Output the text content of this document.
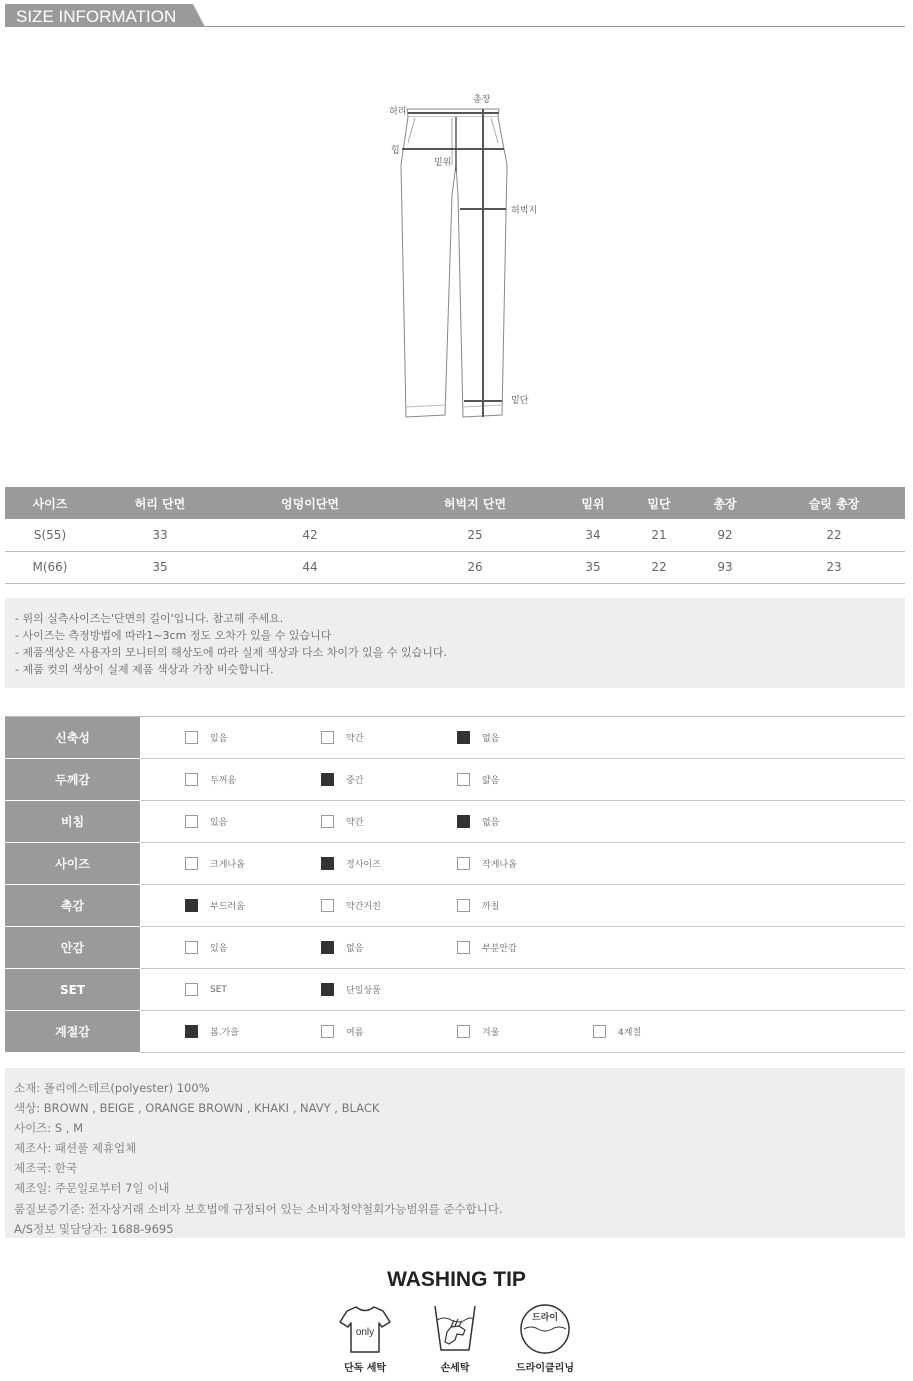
SIZE INFORMATION
허리
총장
힙
밑위
허벅지
밑단
사이즈	허리 단면	엉덩이단면	허벅지 단면	밑위	밑단	총장	슬릿 총장
S(55)	33	42	25	34	21	92	22
M(66)	35	44	26	35	22	93	23
- 위의 실측사이즈는'단면의 길이'입니다. 참고해 주세요.
- 사이즈는 측정방법에 따라1~3cm 정도 오차가 있을 수 있습니다
- 제품색상은 사용자의 모니터의 해상도에 따라 실제 색상과 다소 차이가 있을 수 있습니다.
- 제품 컷의 색상이 실제 제품 색상과 가장 비슷합니다.
신축성	있음 약간 없음

두께감	두꺼움 중간 얇음

비침	있음 약간 없음

사이즈	크게나옴 정사이즈 작게나옴

촉감	부드러움 약간거친 까칠

안감	있음 없음 부분안감

SET	SET 단일상품

계절감	봄.가을 여름 겨울 4계절
소재: 폴리에스테르(polyester) 100%
색상: BROWN , BEIGE , ORANGE BROWN , KHAKI , NAVY , BLACK
사이즈: S , M
제조사: 패션풀 제휴업체
제조국: 한국
제조일: 주문일로부터 7일 이내
품질보증기준: 전자상거래 소비자 보호법에 규정되어 있는 소비자청약철회가능범위를 준수합니다.
A/S정보 및담당자: 1688-9695
WASHING TIP
only
단독 세탁	손세탁
드라이
드라이클리닝
